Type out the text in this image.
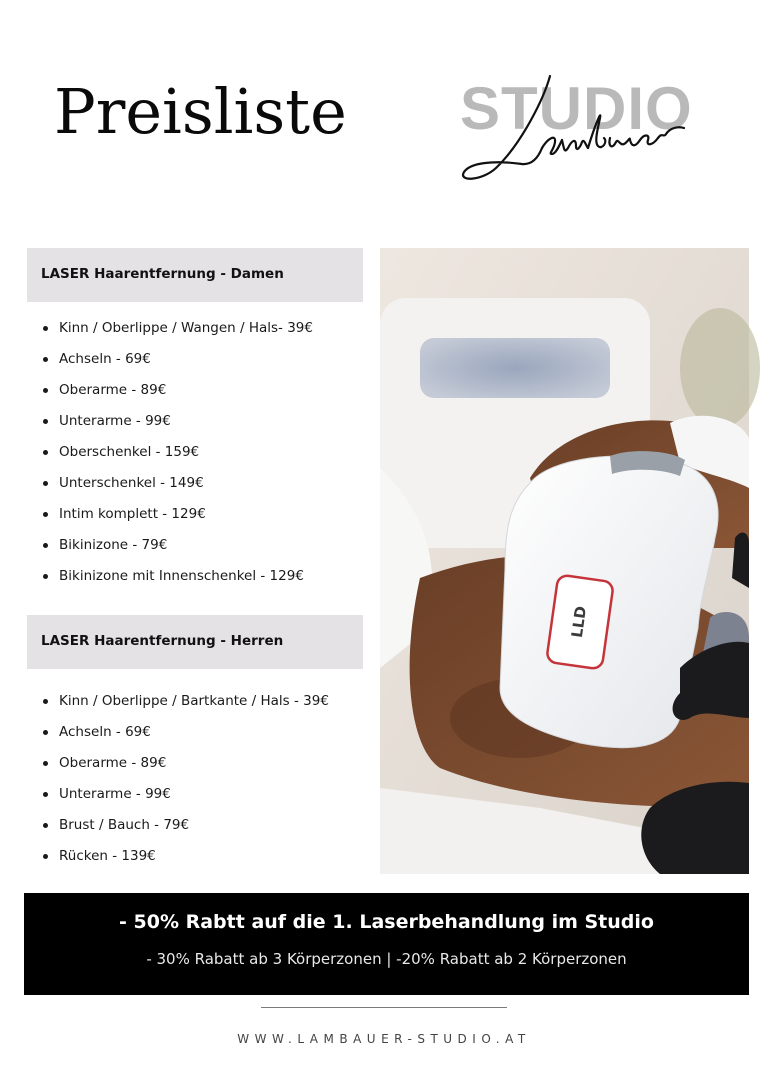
Preisliste STUDIO
Lambauer
LASER Haarentfernung - Damen
Kinn / Oberlippe / Wangen / Hals- 39€
Achseln - 69€
Oberarme - 89€
Unterarme - 99€
Oberschenkel - 159€
Unterschenkel - 149€
Intim komplett - 129€
Bikinizone - 79€
Bikinizone mit Innenschenkel - 129€
LASER Haarentfernung - Herren
Kinn / Oberlippe / Bartkante / Hals - 39€
Achseln - 69€
Oberarme - 89€
Unterarme - 99€
Brust / Bauch - 79€
Rücken - 139€
LLD
- 50% Rabtt auf die 1. Laserbehandlung im Studio
- 30% Rabatt ab 3 Körperzonen | -20% Rabatt ab 2 Körperzonen
WWW.LAMBAUER-STUDIO.AT
